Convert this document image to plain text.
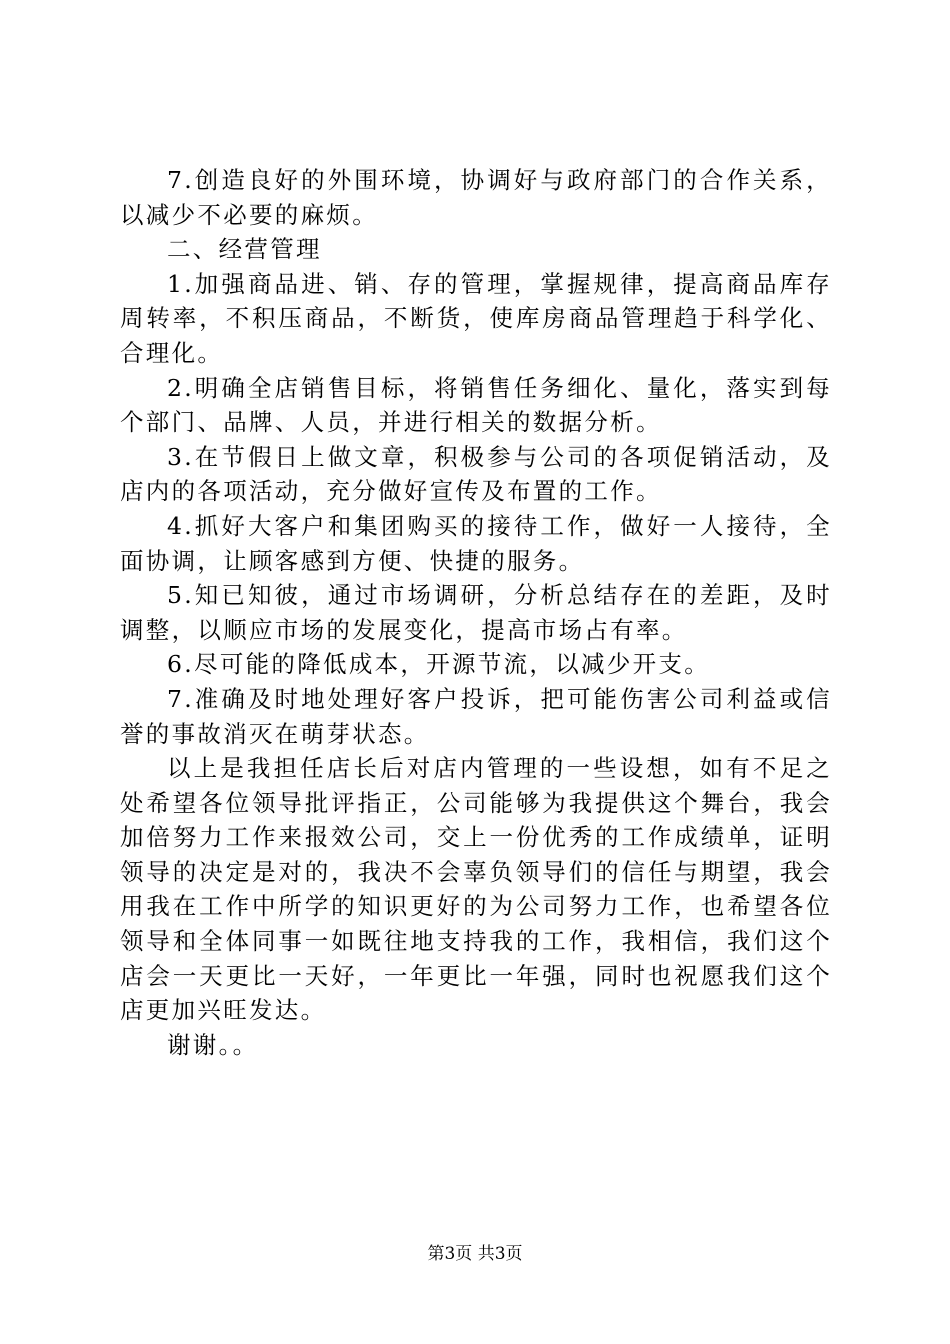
7.创造良好的外围环境，协调好与政府部门的合作关系，以减少不必要的麻烦。

二、经营管理

1.加强商品进、销、存的管理，掌握规律，提高商品库存周转率，不积压商品，不断货，使库房商品管理趋于科学化、合理化。

2.明确全店销售目标，将销售任务细化、量化，落实到每个部门、品牌、人员，并进行相关的数据分析。

3.在节假日上做文章，积极参与公司的各项促销活动，及店内的各项活动，充分做好宣传及布置的工作。

4.抓好大客户和集团购买的接待工作，做好一人接待，全面协调，让顾客感到方便、快捷的服务。

5.知已知彼，通过市场调研，分析总结存在的差距，及时调整，以顺应市场的发展变化，提高市场占有率。

6.尽可能的降低成本，开源节流，以减少开支。

7.准确及时地处理好客户投诉，把可能伤害公司利益或信誉的事故消灭在萌芽状态。

以上是我担任店长后对店内管理的一些设想，如有不足之处希望各位领导批评指正，公司能够为我提供这个舞台，我会加倍努力工作来报效公司，交上一份优秀的工作成绩单，证明领导的决定是对的，我决不会辜负领导们的信任与期望，我会用我在工作中所学的知识更好的为公司努力工作，也希望各位领导和全体同事一如既往地支持我的工作，我相信，我们这个店会一天更比一天好，一年更比一年强，同时也祝愿我们这个店更加兴旺发达。

谢谢。。

第3页 共3页
